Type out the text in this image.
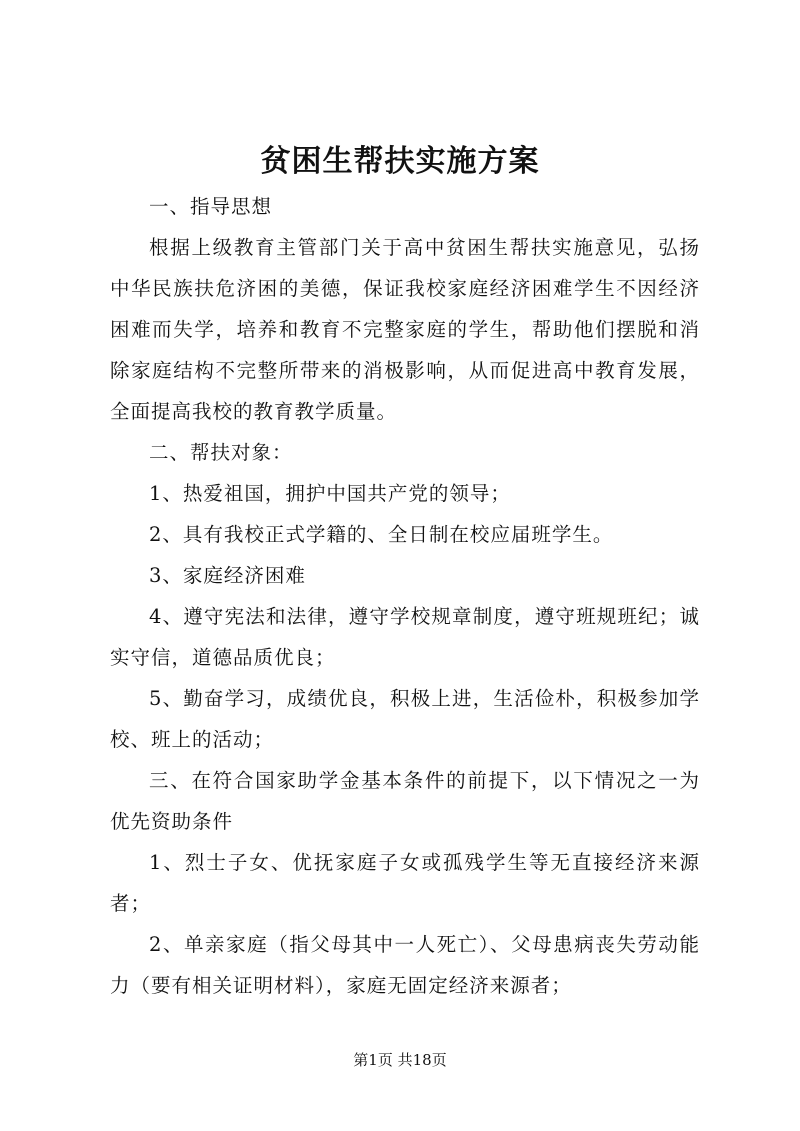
贫困生帮扶实施方案

一、指导思想

根据上级教育主管部门关于高中贫困生帮扶实施意见，弘扬中华民族扶危济困的美德，保证我校家庭经济困难学生不因经济困难而失学，培养和教育不完整家庭的学生，帮助他们摆脱和消除家庭结构不完整所带来的消极影响，从而促进高中教育发展，全面提高我校的教育教学质量。

二、帮扶对象：

1、热爱祖国，拥护中国共产党的领导；

2、具有我校正式学籍的、全日制在校应届班学生。

3、家庭经济困难

4、遵守宪法和法律，遵守学校规章制度，遵守班规班纪；诚实守信，道德品质优良；

5、勤奋学习，成绩优良，积极上进，生活俭朴，积极参加学校、班上的活动；

三、在符合国家助学金基本条件的前提下，以下情况之一为优先资助条件

1、烈士子女、优抚家庭子女或孤残学生等无直接经济来源者；

2、单亲家庭（指父母其中一人死亡）、父母患病丧失劳动能力（要有相关证明材料），家庭无固定经济来源者；

第1页 共18页
